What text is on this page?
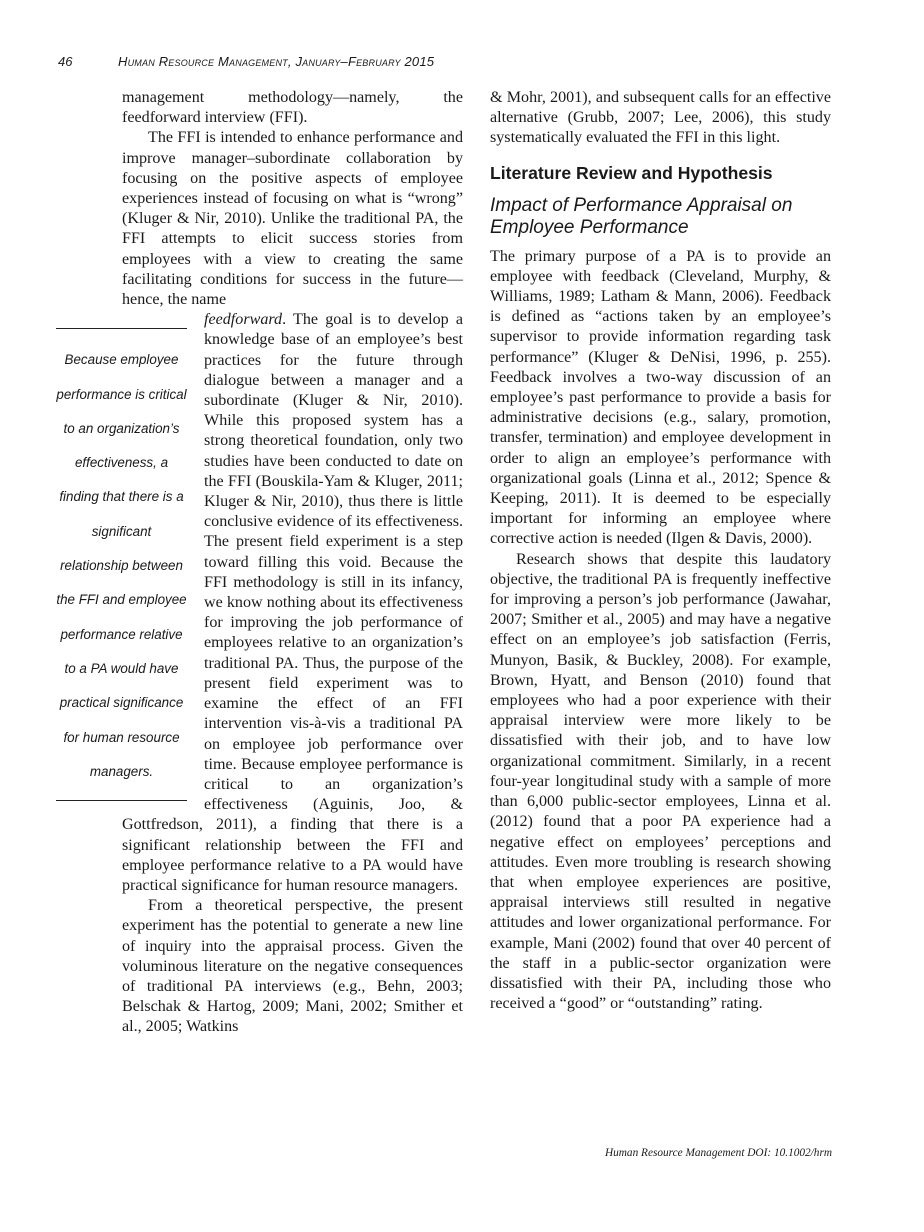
46	Human Resource Management, January–February 2015

management methodology—namely, the feedforward interview (FFI).

The FFI is intended to enhance performance and improve manager–subordinate collaboration by focusing on the positive aspects of employee experiences instead of focusing on what is “wrong” (Kluger & Nir, 2010). Unlike the traditional PA, the FFI attempts to elicit success stories from employees with a view to creating the same facilitating conditions for success in the future—hence, the name

Because employee performance is critical to an organization’s effectiveness, a finding that there is a significant relationship between the FFI and employee performance relative to a PA would have practical significance for human resource managers.
feedforward. The goal is to develop a knowledge base of an employee’s best practices for the future through dialogue between a manager and a subordinate (Kluger & Nir, 2010). While this proposed system has a strong theoretical foundation, only two studies have been conducted to date on the FFI (Bouskila-Yam & Kluger, 2011; Kluger & Nir, 2010), thus there is little conclusive evidence of its effectiveness. The present field experiment is a step toward filling this void. Because the FFI methodology is still in its infancy, we know nothing about its effectiveness for improving the job performance of employees relative to an organization’s traditional PA. Thus, the purpose of the present field experiment was to examine the effect of an FFI intervention vis-à-vis a traditional PA on employee job performance over time. Because employee performance is critical to an organization’s effectiveness (Aguinis, Joo, & Gottfredson, 2011), a finding that there is a significant relationship between the FFI and employee performance relative to a PA would have practical significance for human resource managers.

From a theoretical perspective, the present experiment has the potential to generate a new line of inquiry into the appraisal process. Given the voluminous literature on the negative consequences of traditional PA interviews (e.g., Behn, 2003; Belschak & Hartog, 2009; Mani, 2002; Smither et al., 2005; Watkins

& Mohr, 2001), and subsequent calls for an effective alternative (Grubb, 2007; Lee, 2006), this study systematically evaluated the FFI in this light.

Literature Review and Hypothesis
Impact of Performance Appraisal on Employee Performance

The primary purpose of a PA is to provide an employee with feedback (Cleveland, Murphy, & Williams, 1989; Latham & Mann, 2006). Feedback is defined as “actions taken by an employee’s supervisor to provide information regarding task performance” (Kluger & DeNisi, 1996, p. 255). Feedback involves a two-way discussion of an employee’s past performance to provide a basis for administrative decisions (e.g., salary, promotion, transfer, termination) and employee development in order to align an employee’s performance with organizational goals (Linna et al., 2012; Spence & Keeping, 2011). It is deemed to be especially important for informing an employee where corrective action is needed (Ilgen & Davis, 2000).

Research shows that despite this laudatory objective, the traditional PA is frequently ineffective for improving a person’s job performance (Jawahar, 2007; Smither et al., 2005) and may have a negative effect on an employee’s job satisfaction (Ferris, Munyon, Basik, & Buckley, 2008). For example, Brown, Hyatt, and Benson (2010) found that employees who had a poor experience with their appraisal interview were more likely to be dissatisfied with their job, and to have low organizational commitment. Similarly, in a recent four-year longitudinal study with a sample of more than 6,000 public-sector employees, Linna et al. (2012) found that a poor PA experience had a negative effect on employees’ perceptions and attitudes. Even more troubling is research showing that when employee experiences are positive, appraisal interviews still resulted in negative attitudes and lower organizational performance. For example, Mani (2002) found that over 40 percent of the staff in a public-sector organization were dissatisfied with their PA, including those who received a “good” or “outstanding” rating.

Human Resource Management DOI: 10.1002/hrm
